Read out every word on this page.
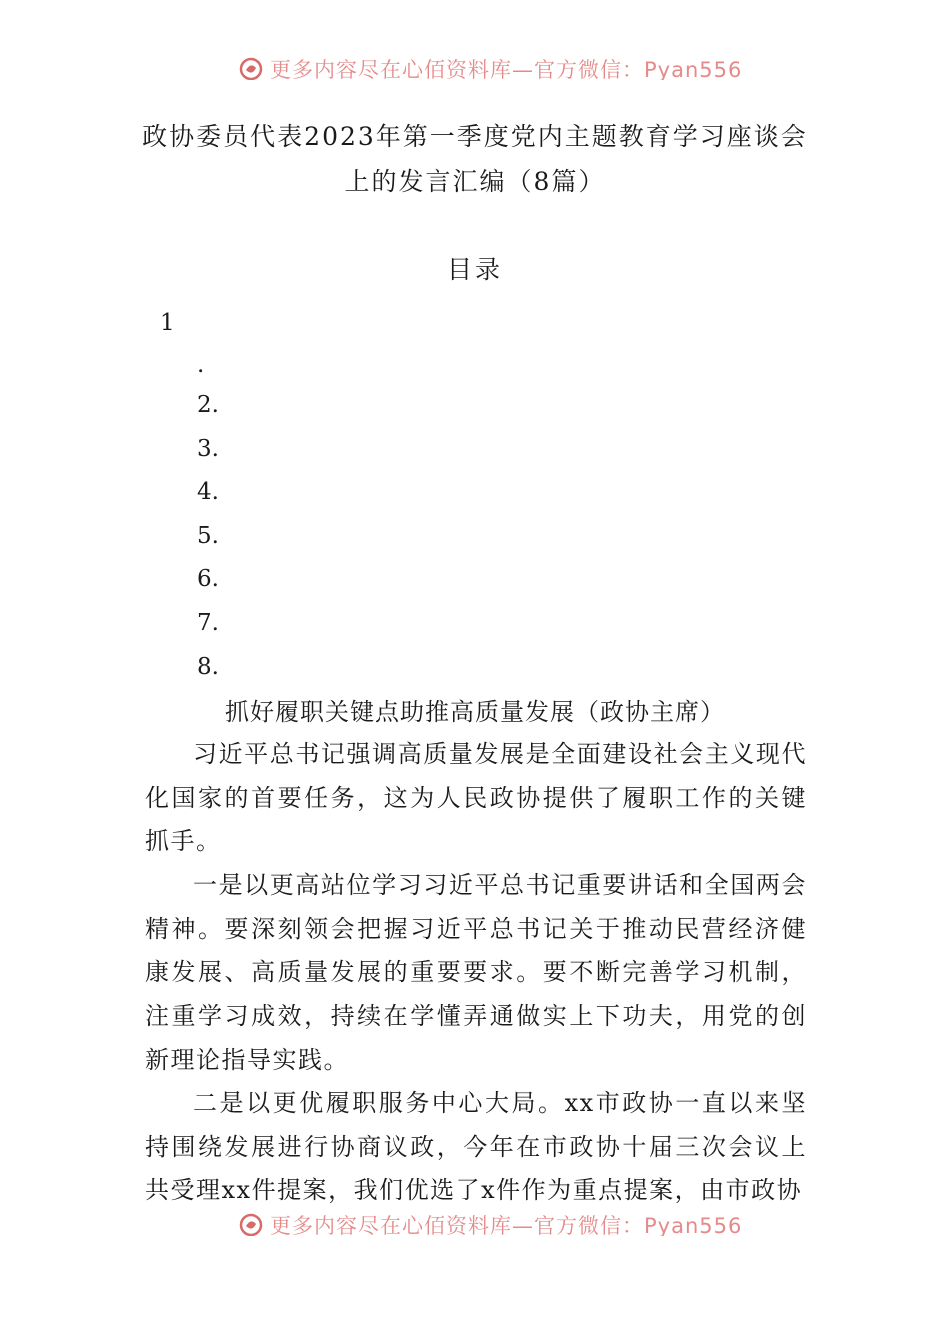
更多内容尽在心佰资料库—官方微信：Pyan556
政协委员代表2023年第一季度党内主题教育学习座谈会上的发言汇编（8篇）
目录
1
.
2.
3.
4.
5.
6.
7.
8.
抓好履职关键点助推高质量发展（政协主席）

习近平总书记强调高质量发展是全面建设社会主义现代化国家的首要任务，这为人民政协提供了履职工作的关键抓手。

一是以更高站位学习习近平总书记重要讲话和全国两会精神。要深刻领会把握习近平总书记关于推动民营经济健康发展、高质量发展的重要要求。要不断完善学习机制，注重学习成效，持续在学懂弄通做实上下功夫，用党的创新理论指导实践。

二是以更优履职服务中心大局。xx市政协一直以来坚持围绕发展进行协商议政，今年在市政协十届三次会议上共受理xx件提案，我们优选了x件作为重点提案，由市政协

更多内容尽在心佰资料库—官方微信：Pyan556
